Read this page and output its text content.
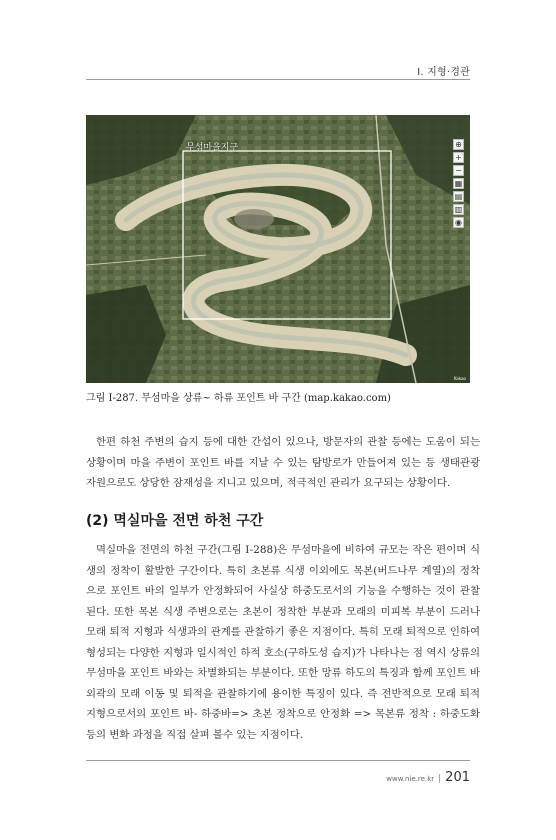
Ⅰ. 지형·경관
무섬마을지구	⊕
+
−
▦
▤
▥
◉
Kakao
그림 Ⅰ-287. 무섬마을 상류~ 하류 포인트 바 구간 (map.kakao.com)

한편 하천 주변의 습지 등에 대한 간섭이 있으나, 방문자의 관찰 등에는 도움이 되는 상황이며 마을 주변이 포인트 바를 지날 수 있는 탐방로가 만들어져 있는 등 생태관광 자원으로도 상당한 잠재성을 지니고 있으며, 적극적인 관리가 요구되는 상황이다.

(2) 멱실마을 전면 하천 구간

멱실마을 전면의 하천 구간(그림 Ⅰ-288)은 무섬마을에 비하여 규모는 작은 편이며 식생의 정착이 활발한 구간이다. 특히 초본류 식생 이외에도 목본(버드나무 계열)의 정착으로 포인트 바의 일부가 안정화되어 사실상 하중도로서의 기능을 수행하는 것이 관찰된다. 또한 목본 식생 주변으로는 초본이 정착한 부분과 모래의 미피복 부분이 드러나 모래 퇴적 지형과 식생과의 관계를 관찰하기 좋은 지점이다. 특히 모래 퇴적으로 인하여 형성되는 다양한 지형과 일시적인 하적 호소(구하도성 습지)가 나타나는 점 역시 상류의 무섬마을 포인트 바와는 차별화되는 부분이다. 또한 망류 하도의 특징과 함께 포인트 바 외곽의 모래 이동 및 퇴적을 관찰하기에 용이한 특징이 있다. 즉 전반적으로 모래 퇴적 지형으로서의 포인트 바- 하중바=> 초본 정착으로 안정화 => 목본류 정착 : 하중도화 등의 변화 과정을 직접 살펴 볼수 있는 지점이다.

www.nie.re.kr | 201
